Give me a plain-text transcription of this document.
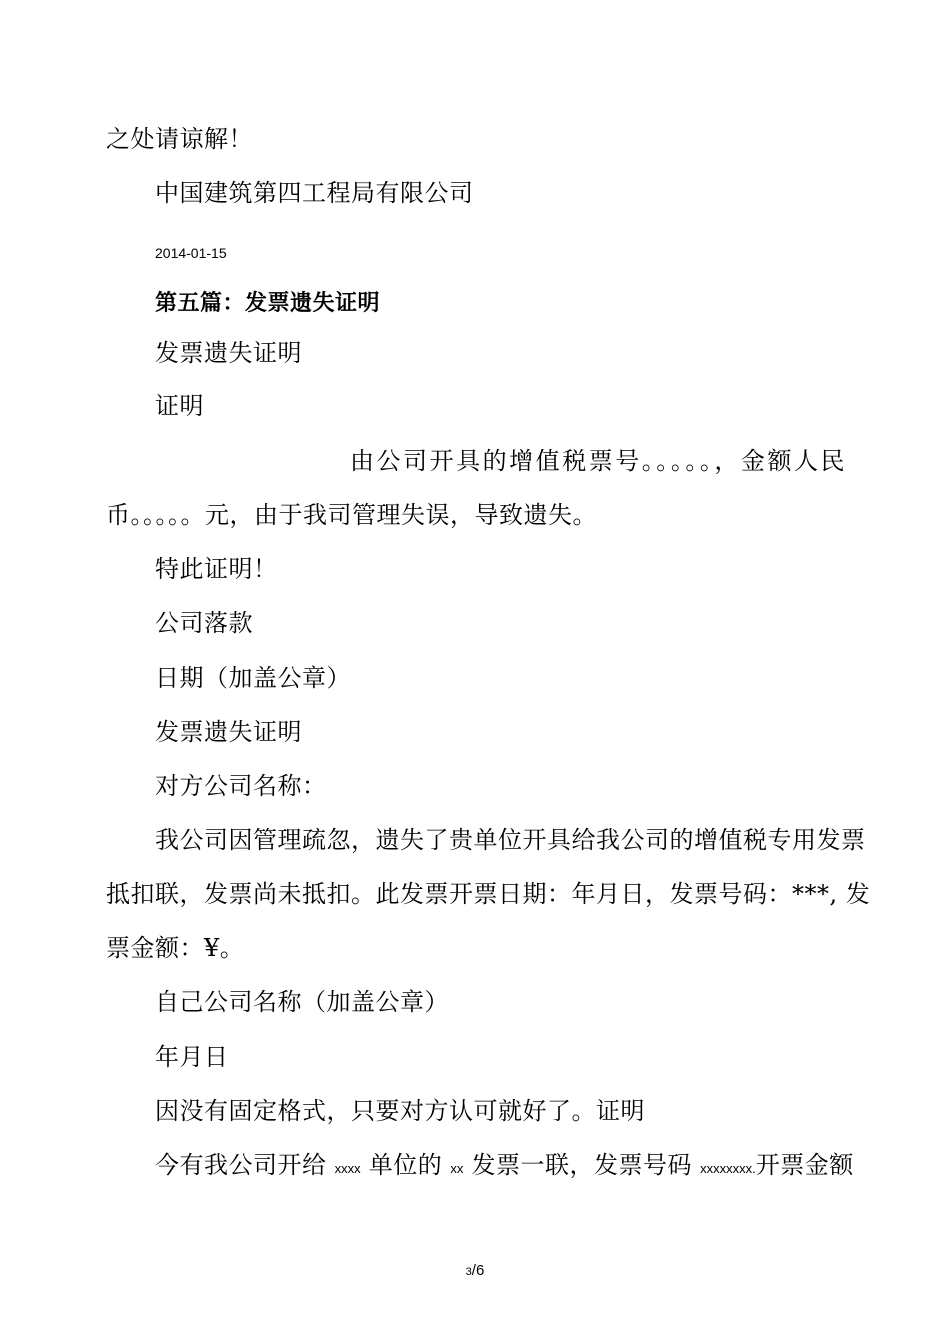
之处请谅解！
中国建筑第四工程局有限公司
2014-01-15
第五篇：发票遗失证明
发票遗失证明
证明
由公司开具的增值税票号。。。。。，金额人民
币。。。。。元，由于我司管理失误，导致遗失。
特此证明！
公司落款
日期（加盖公章）
发票遗失证明
对方公司名称：
我公司因管理疏忽，遗失了贵单位开具给我公司的增值税专用发票
抵扣联，发票尚未抵扣。此发票开票日期：年月日，发票号码：***, 发
票金额：¥。
自己公司名称（加盖公章）
年月日
因没有固定格式，只要对方认可就好了。证明
今有我公司开给 xxxx 单位的 xx 发票一联，发票号码 xxxxxxxx.开票金额
3/6
